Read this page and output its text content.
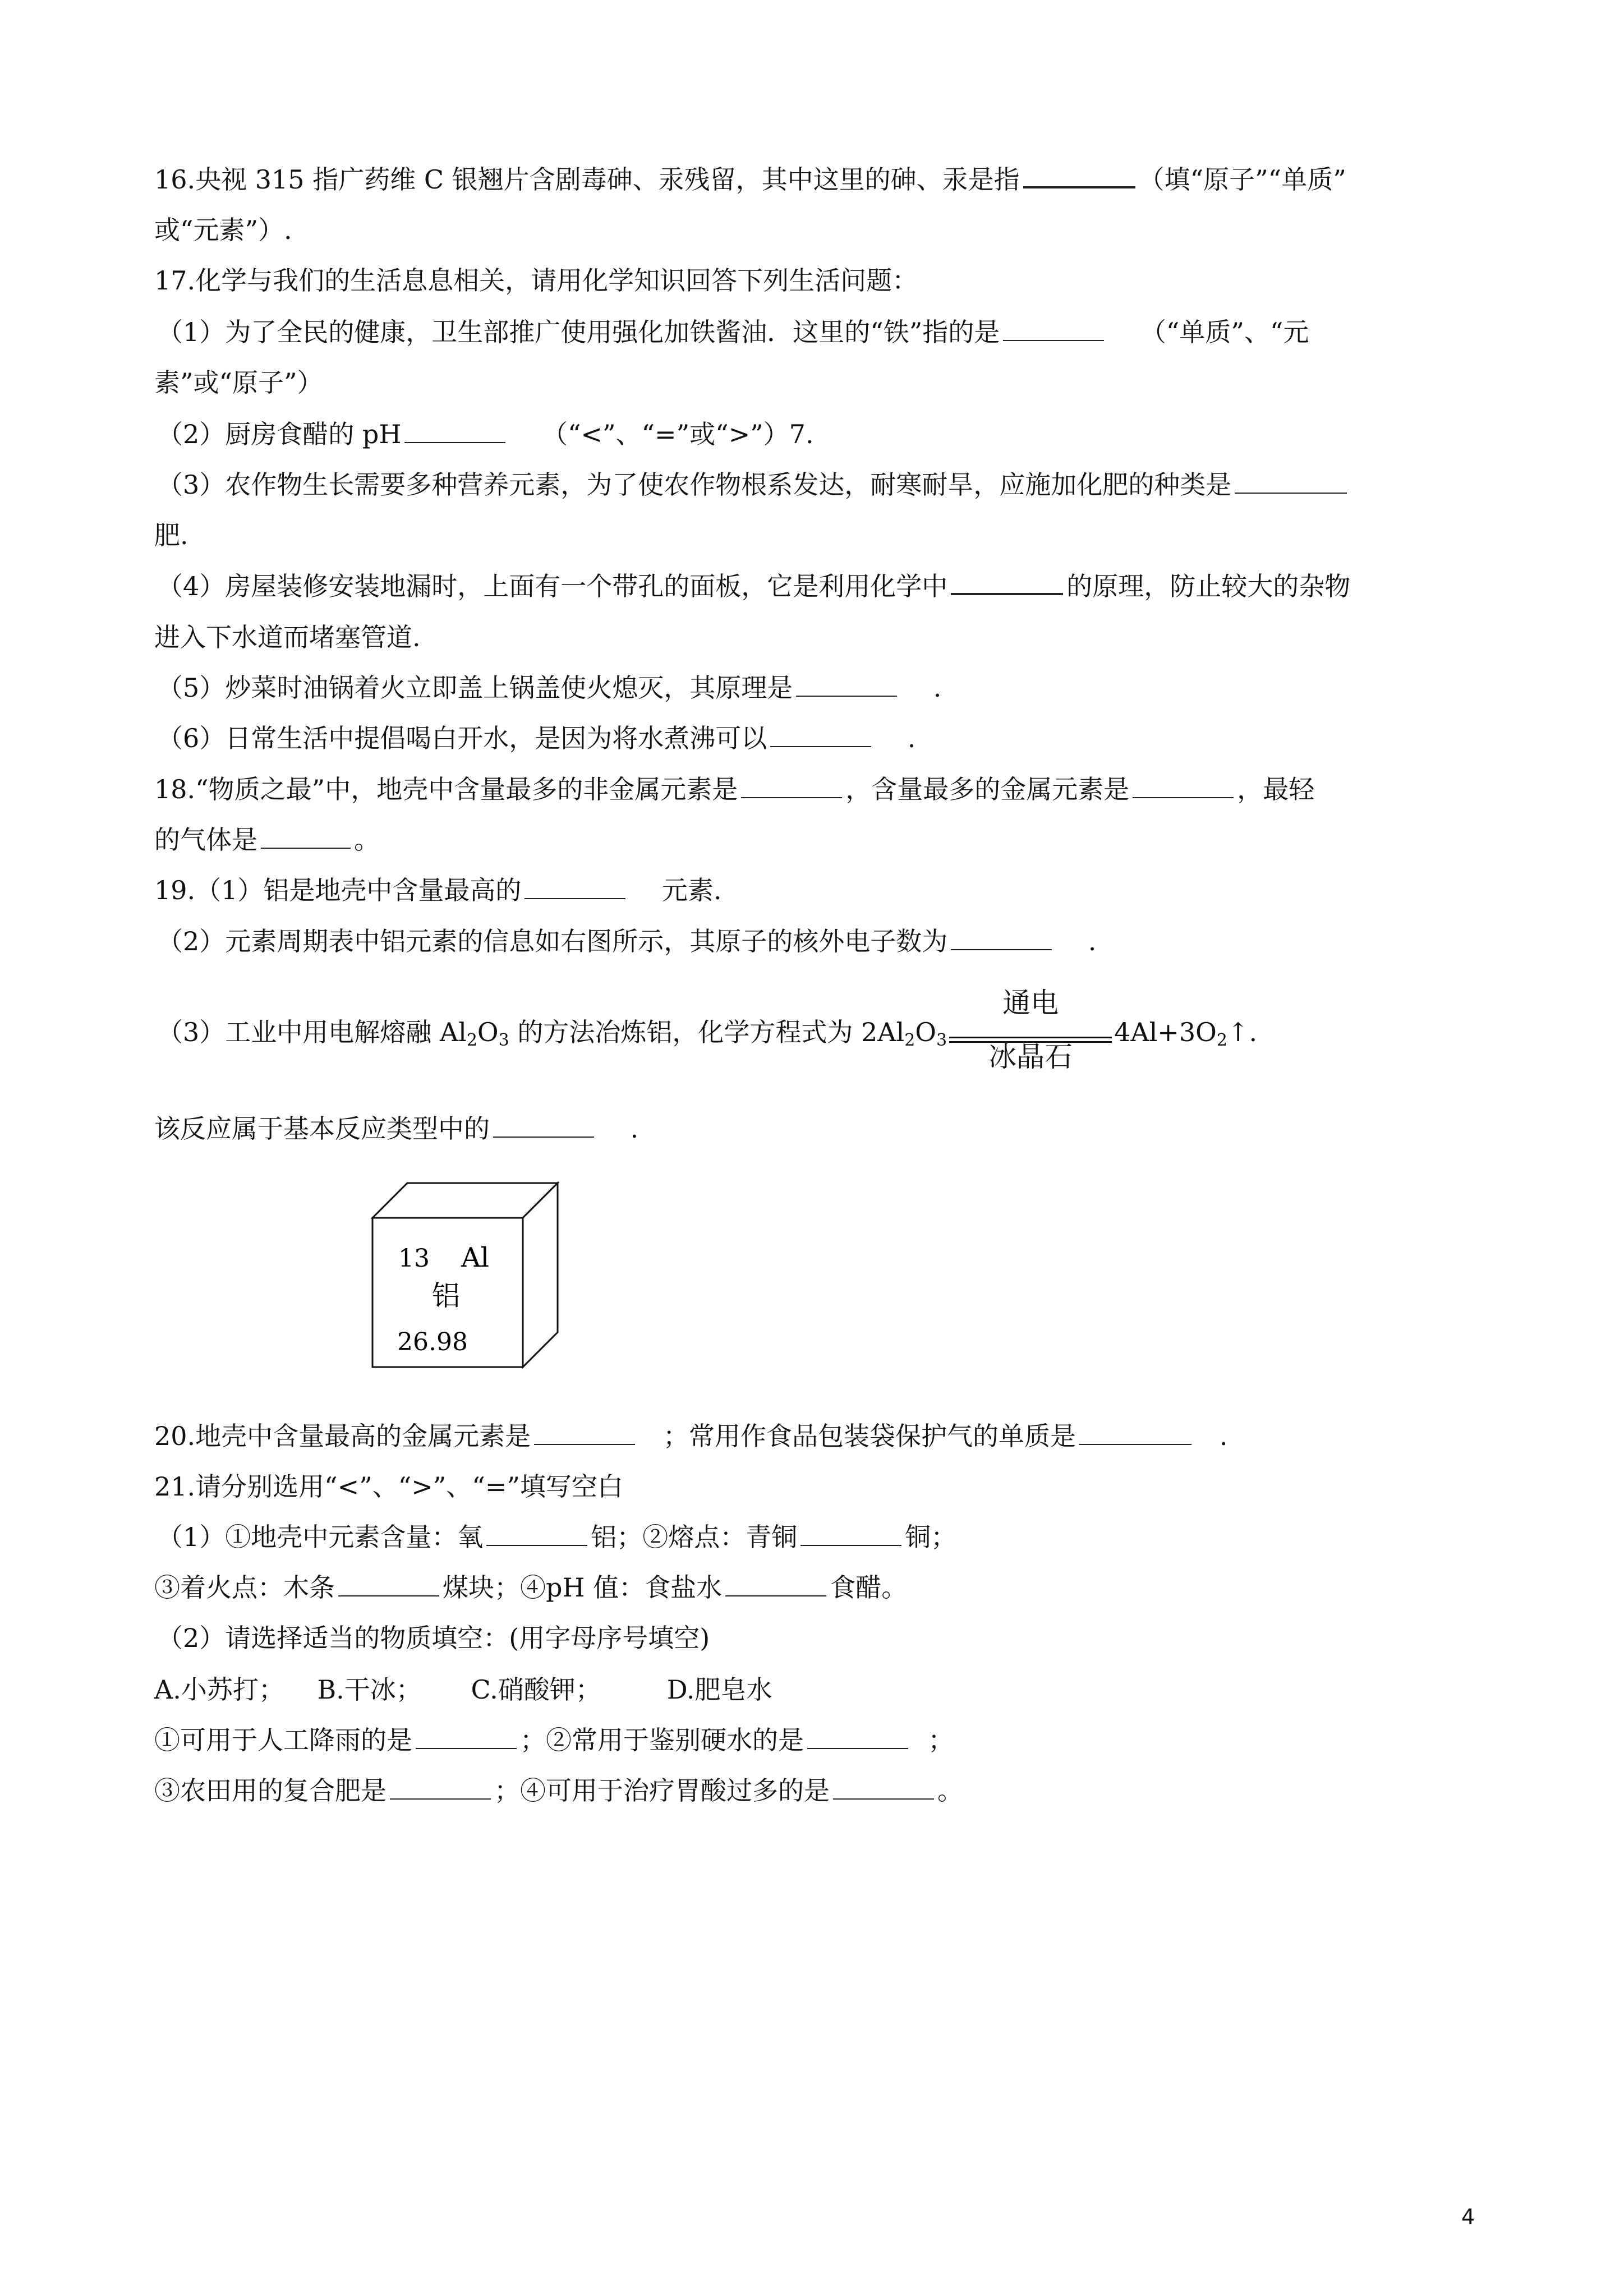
16.央视 315 指广药维 C 银翘片含剧毒砷、汞残留，其中这里的砷、汞是指	（填“原子”“单质”
或“元素”）.
17.化学与我们的生活息息相关，请用化学知识回答下列生活问题：
（1）为了全民的健康，卫生部推广使用强化加铁酱油．这里的“铁”指的是	（“单质”、“元
素”或“原子”）
（2）厨房食醋的 pH	（“<”、“=”或“>”）7.
（3）农作物生长需要多种营养元素，为了使农作物根系发达，耐寒耐旱，应施加化肥的种类是
肥.
（4）房屋装修安装地漏时，上面有一个带孔的面板，它是利用化学中	的原理，防止较大的杂物
进入下水道而堵塞管道.
（5）炒菜时油锅着火立即盖上锅盖使火熄灭，其原理是	.
（6）日常生活中提倡喝白开水，是因为将水煮沸可以	.
18.“物质之最”中，地壳中含量最多的非金属元素是	，含量最多的金属元素是	，最轻
的气体是	。
19.（1）铝是地壳中含量最高的	元素.
（2）元素周期表中铝元素的信息如右图所示，其原子的核外电子数为	.
（3）工业中用电解熔融 $Al_2O_3$ 的方法冶炼铝，化学方程式为 $2Al_2O_3$
通电
冰晶石
$4Al+3O_2↑$.
该反应属于基本反应类型中的	.
13 Al
铝
26.98
20.地壳中含量最高的金属元素是	；常用作食品包装袋保护气的单质是	.
21.请分别选用“<”、“>”、“=”填写空白
（1）①地壳中元素含量：氧	铝；②熔点：青铜	铜；
③着火点：木条	煤块；④pH 值：食盐水	食醋。
（2）请选择适当的物质填空：(用字母序号填空)
A.小苏打； B.干冰； C.硝酸钾；	D.肥皂水
①可用于人工降雨的是	；②常用于鉴别硬水的是	；
③农田用的复合肥是	；④可用于治疗胃酸过多的是	。
4
